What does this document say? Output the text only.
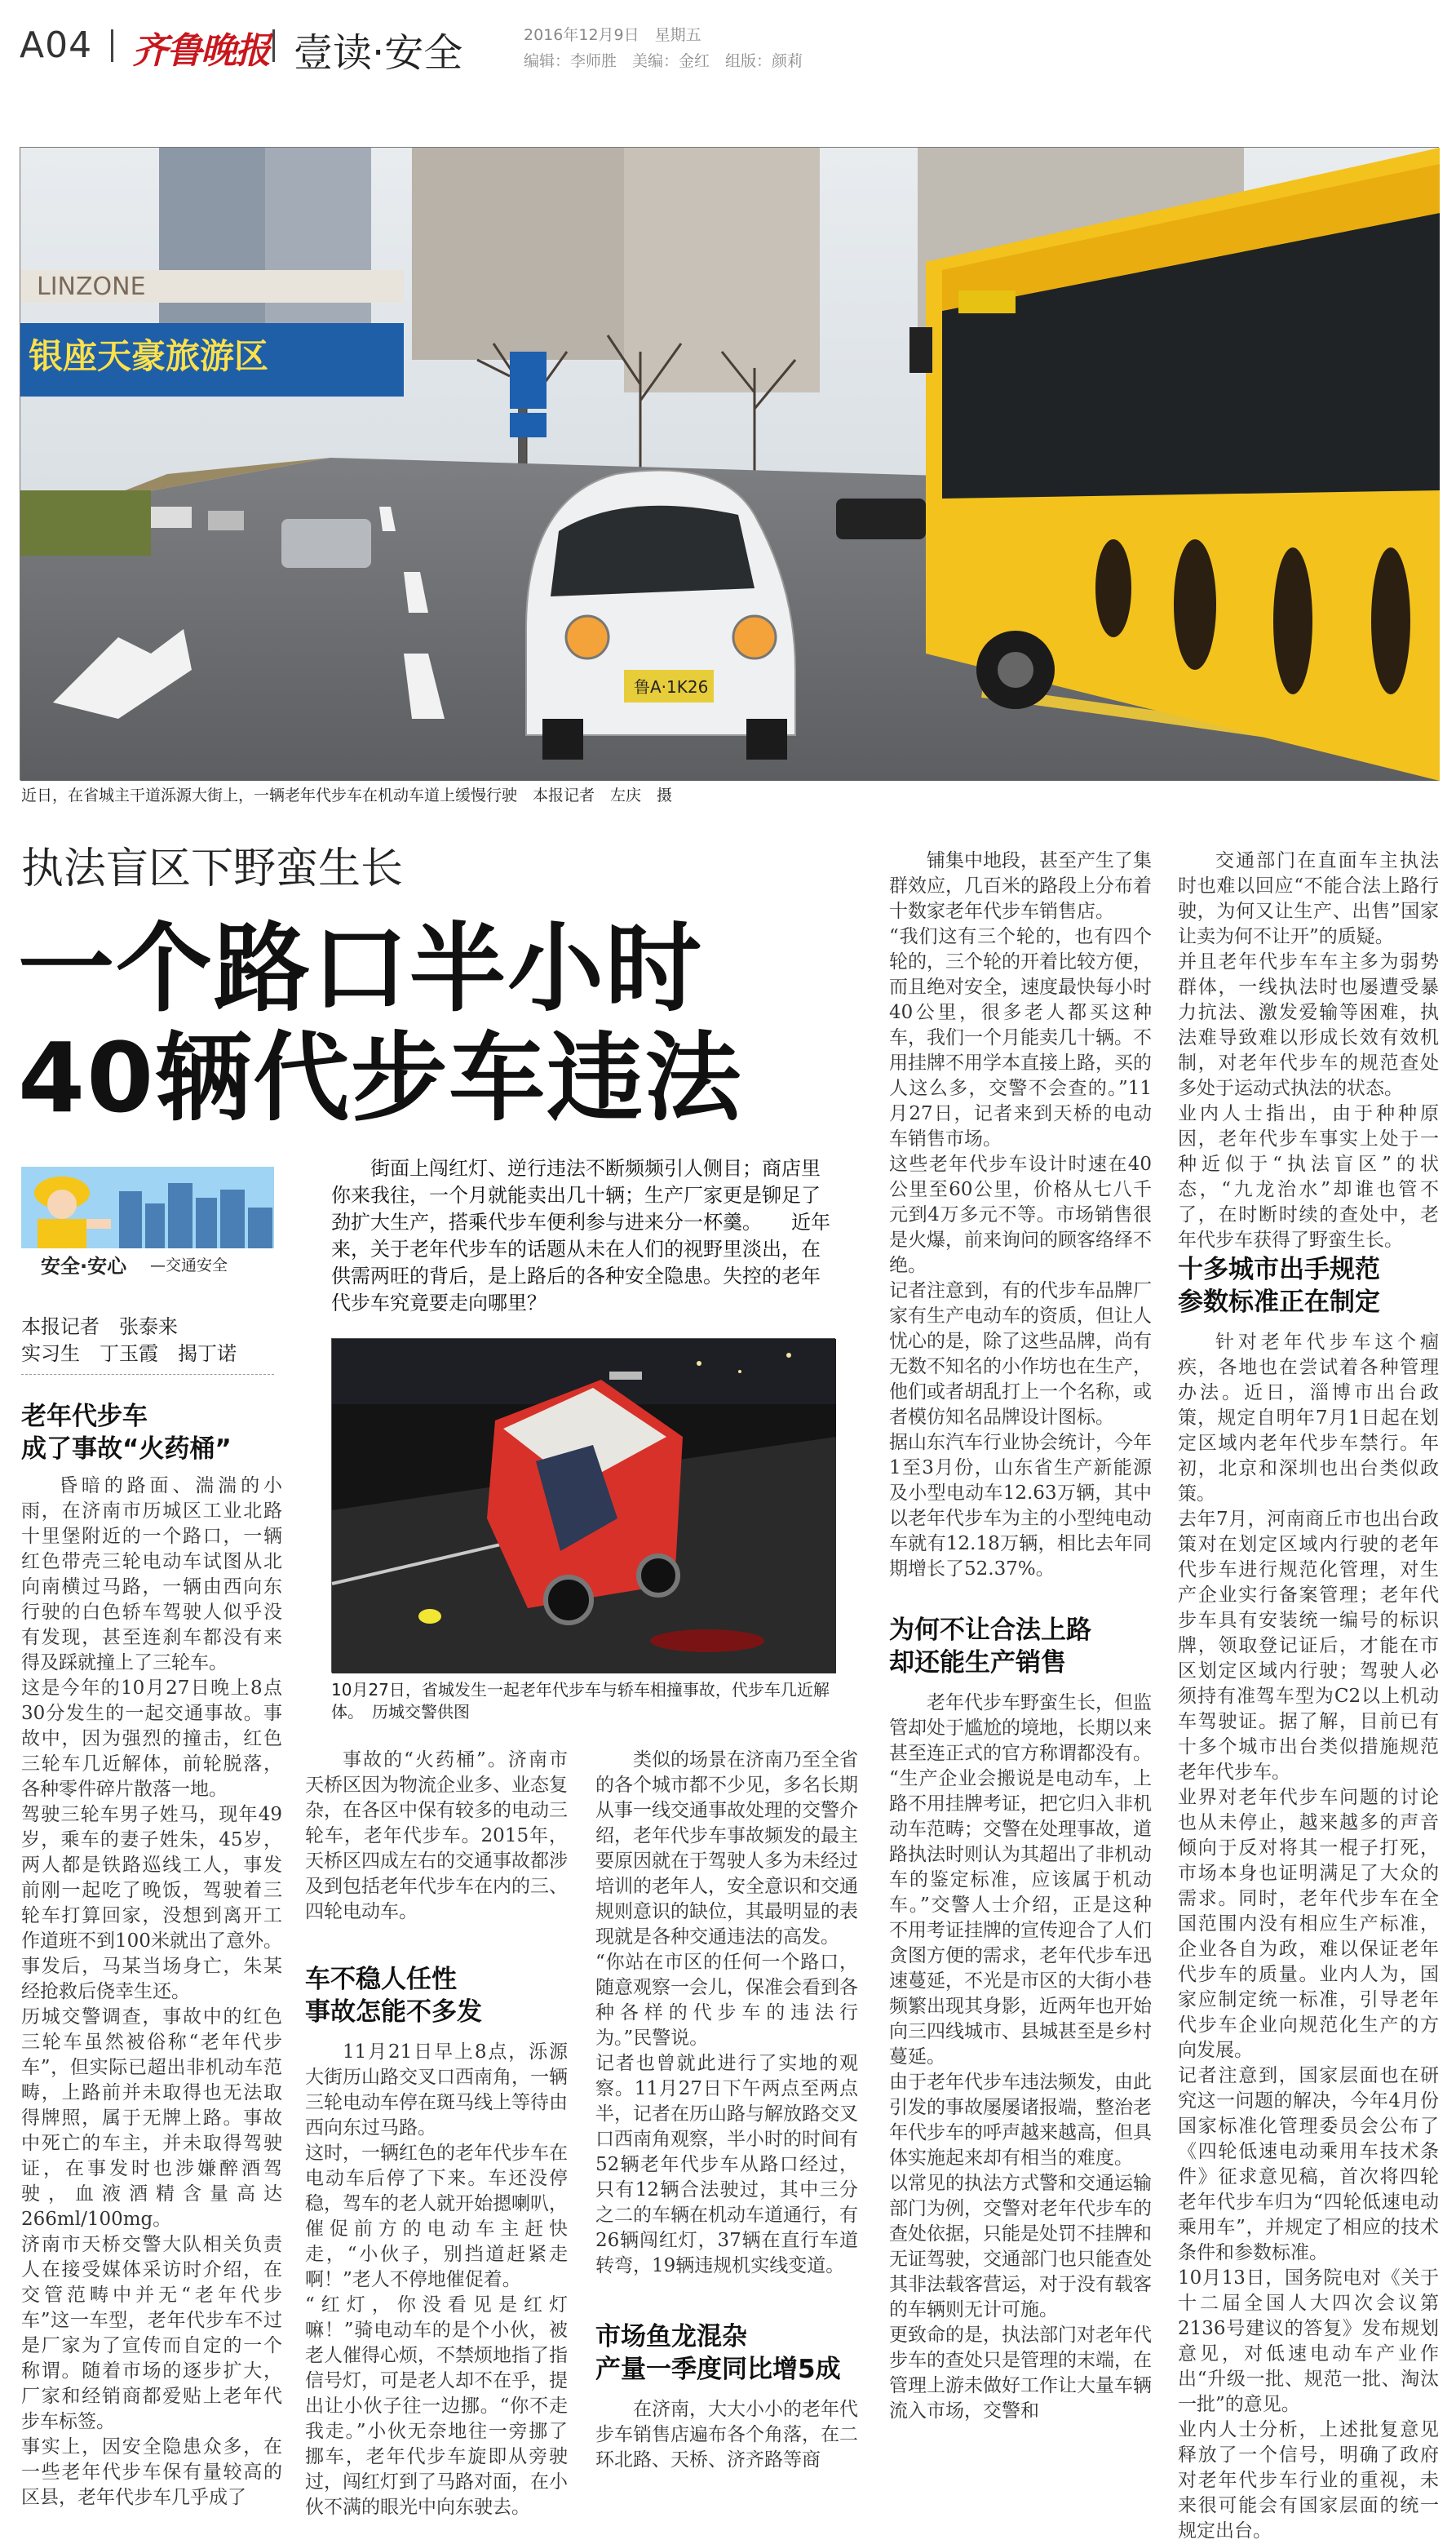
A04 齐鲁晚报 壹读·安全	2016年12月9日　星期五
编辑：李师胜　美编：金红　组版：颜莉
LINZONE
银座天豪旅游区
鲁A·1K26
近日，在省城主干道泺源大街上，一辆老年代步车在机动车道上缓慢行驶　本报记者　左庆　摄
执法盲区下野蛮生长
一个路口半小时
40辆代步车违法
安全·安心 —交通安全
本报记者　张泰来
实习生　丁玉霞　揭丁诺
老年代步车
成了事故“火药桶”
昏暗的路面、湍湍的小雨，在济南市历城区工业北路十里堡附近的一个路口，一辆红色带壳三轮电动车试图从北向南横过马路，一辆由西向东行驶的白色轿车驾驶人似乎没有发现，甚至连刹车都没有来得及踩就撞上了三轮车。
这是今年的10月27日晚上8点30分发生的一起交通事故。事故中，因为强烈的撞击，红色三轮车几近解体，前轮脱落，各种零件碎片散落一地。
驾驶三轮车男子姓马，现年49岁，乘车的妻子姓朱，45岁，两人都是铁路巡线工人，事发前刚一起吃了晚饭，驾驶着三轮车打算回家，没想到离开工作道班不到100米就出了意外。事发后，马某当场身亡，朱某经抢救后侥幸生还。
历城交警调查，事故中的红色三轮车虽然被俗称“老年代步车”，但实际已超出非机动车范畴，上路前并未取得也无法取得牌照，属于无牌上路。事故中死亡的车主，并未取得驾驶证，在事发时也涉嫌醉酒驾驶，血液酒精含量高达266ml/100mg。
济南市天桥交警大队相关负责人在接受媒体采访时介绍，在交管范畴中并无“老年代步车”这一车型，老年代步车不过是厂家为了宣传而自定的一个称谓。随着市场的逐步扩大，厂家和经销商都爱贴上老年代步车标签。
事实上，因安全隐患众多，在一些老年代步车保有量较高的区县，老年代步车几乎成了
街面上闯红灯、逆行违法不断频频引人侧目；商店里你来我往，一个月就能卖出几十辆；生产厂家更是铆足了劲扩大生产，搭乘代步车便利参与进来分一杯羹。　　近年来，关于老年代步车的话题从未在人们的视野里淡出，在供需两旺的背后，是上路后的各种安全隐患。失控的老年代步车究竟要走向哪里？
10月27日，省城发生一起老年代步车与轿车相撞事故，代步车几近解体。　历城交警供图
事故的“火药桶”。济南市天桥区因为物流企业多、业态复杂，在各区中保有较多的电动三轮车，老年代步车。2015年，天桥区四成左右的交通事故都涉及到包括老年代步车在内的三、四轮电动车。
车不稳人任性
事故怎能不多发
11月21日早上8点，泺源大街历山路交叉口西南角，一辆三轮电动车停在斑马线上等待由西向东过马路。
这时，一辆红色的老年代步车在电动车后停了下来。车还没停稳，驾车的老人就开始摁喇叭，催促前方的电动车主赶快走，“小伙子，别挡道赶紧走啊！”老人不停地催促着。
“红灯，你没看见是红灯嘛！”骑电动车的是个小伙，被老人催得心烦，不禁烦地指了指信号灯，可是老人却不在乎，提出让小伙子往一边挪。“你不走我走。”小伙无奈地往一旁挪了挪车，老年代步车旋即从旁驶过，闯红灯到了马路对面，在小伙不满的眼光中向东驶去。
类似的场景在济南乃至全省的各个城市都不少见，多名长期从事一线交通事故处理的交警介绍，老年代步车事故频发的最主要原因就在于驾驶人多为未经过培训的老年人，安全意识和交通规则意识的缺位，其最明显的表现就是各种交通违法的高发。
“你站在市区的任何一个路口，随意观察一会儿，保准会看到各种各样的代步车的违法行为。”民警说。
记者也曾就此进行了实地的观察。11月27日下午两点至两点半，记者在历山路与解放路交叉口西南角观察，半小时的时间有52辆老年代步车从路口经过，只有12辆合法驶过，其中三分之二的车辆在机动车道通行，有26辆闯红灯，37辆在直行车道转弯，19辆违规机实线变道。
市场鱼龙混杂
产量一季度同比增5成
在济南，大大小小的老年代步车销售店遍布各个角落，在二环北路、天桥、济齐路等商
铺集中地段，甚至产生了集群效应，几百米的路段上分布着十数家老年代步车销售店。
“我们这有三个轮的，也有四个轮的，三个轮的开着比较方便，而且绝对安全，速度最快每小时40公里，很多老人都买这种车，我们一个月能卖几十辆。不用挂牌不用学本直接上路，买的人这么多，交警不会查的。”11月27日，记者来到天桥的电动车销售市场。
这些老年代步车设计时速在40公里至60公里，价格从七八千元到4万多元不等。市场销售很是火爆，前来询问的顾客络绎不绝。
记者注意到，有的代步车品牌厂家有生产电动车的资质，但让人忧心的是，除了这些品牌，尚有无数不知名的小作坊也在生产，他们或者胡乱打上一个名称，或者模仿知名品牌设计图标。
据山东汽车行业协会统计，今年1至3月份，山东省生产新能源及小型电动车12.63万辆，其中以老年代步车为主的小型纯电动车就有12.18万辆，相比去年同期增长了52.37%。
为何不让合法上路
却还能生产销售
老年代步车野蛮生长，但监管却处于尴尬的境地，长期以来甚至连正式的官方称谓都没有。
“生产企业会搬说是电动车，上路不用挂牌考证，把它归入非机动车范畴；交警在处理事故，道路执法时则认为其超出了非机动车的鉴定标准，应该属于机动车。”交警人士介绍，正是这种不用考证挂牌的宣传迎合了人们贪图方便的需求，老年代步车迅速蔓延，不光是市区的大街小巷频繁出现其身影，近两年也开始向三四线城市、县城甚至是乡村蔓延。
由于老年代步车违法频发，由此引发的事故屡屡诸报端，整治老年代步车的呼声越来越高，但具体实施起来却有相当的难度。
以常见的执法方式警和交通运输部门为例，交警对老年代步车的查处依据，只能是处罚不挂牌和无证驾驶，交通部门也只能查处其非法载客营运，对于没有载客的车辆则无计可施。
更致命的是，执法部门对老年代步车的查处只是管理的末端，在管理上游未做好工作让大量车辆流入市场，交警和
交通部门在直面车主执法时也难以回应“不能合法上路行驶，为何又让生产、出售”国家让卖为何不让开”的质疑。
并且老年代步车车主多为弱势群体，一线执法时也屡遭受暴力抗法、激发爱输等困难，执法难导致难以形成长效有效机制，对老年代步车的规范查处多处于运动式执法的状态。
业内人士指出，由于种种原因，老年代步车事实上处于一种近似于“执法盲区”的状态，“九龙治水”却谁也管不了，在时断时续的查处中，老年代步车获得了野蛮生长。
十多城市出手规范
参数标准正在制定
针对老年代步车这个痼疾，各地也在尝试着各种管理办法。近日，淄博市出台政策，规定自明年7月1日起在划定区域内老年代步车禁行。年初，北京和深圳也出台类似政策。
去年7月，河南商丘市也出台政策对在划定区域内行驶的老年代步车进行规范化管理，对生产企业实行备案管理；老年代步车具有安装统一编号的标识牌，领取登记证后，才能在市区划定区域内行驶；驾驶人必须持有准驾车型为C2以上机动车驾驶证。据了解，目前已有十多个城市出台类似措施规范老年代步车。
业界对老年代步车问题的讨论也从未停止，越来越多的声音倾向于反对将其一棍子打死，市场本身也证明满足了大众的需求。同时，老年代步车在全国范围内没有相应生产标准，企业各自为政，难以保证老年代步车的质量。业内人为，国家应制定统一标准，引导老年代步车企业向规范化生产的方向发展。
记者注意到，国家层面也在研究这一问题的解决，今年4月份国家标准化管理委员会公布了《四轮低速电动乘用车技术条件》征求意见稿，首次将四轮老年代步车归为“四轮低速电动乘用车”，并规定了相应的技术条件和参数标准。
10月13日，国务院电对《关于十二届全国人大四次会议第2136号建议的答复》发布规划意见，对低速电动车产业作出“升级一批、规范一批、淘汰一批”的意见。
业内人士分析，上述批复意见释放了一个信号，明确了政府对老年代步车行业的重视，未来很可能会有国家层面的统一规定出台。
